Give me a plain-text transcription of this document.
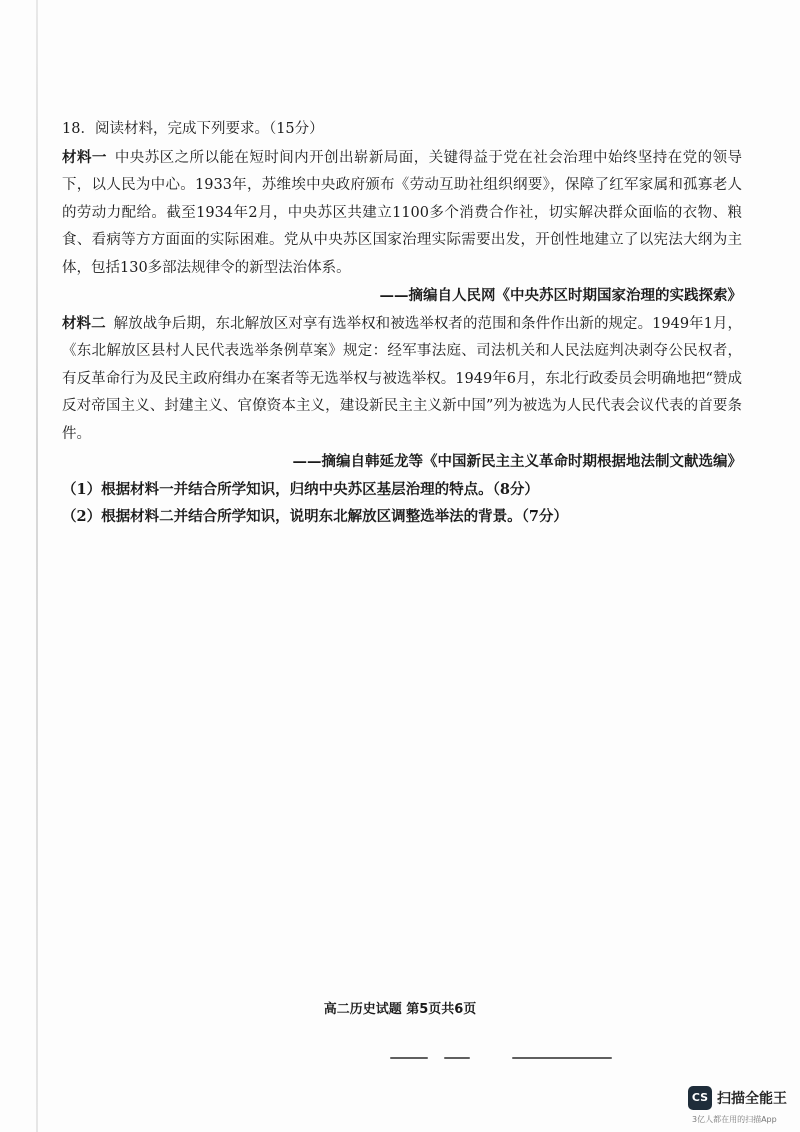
18．阅读材料，完成下列要求。（15分）

材料一 中央苏区之所以能在短时间内开创出崭新局面，关键得益于党在社会治理中始终坚持在党的领导下，以人民为中心。1933年，苏维埃中央政府颁布《劳动互助社组织纲要》，保障了红军家属和孤寡老人的劳动力配给。截至1934年2月，中央苏区共建立1100多个消费合作社，切实解决群众面临的衣物、粮食、看病等方方面面的实际困难。党从中央苏区国家治理实际需要出发，开创性地建立了以宪法大纲为主体，包括130多部法规律令的新型法治体系。

——摘编自人民网《中央苏区时期国家治理的实践探索》

材料二 解放战争后期，东北解放区对享有选举权和被选举权者的范围和条件作出新的规定。1949年1月，《东北解放区县村人民代表选举条例草案》规定：经军事法庭、司法机关和人民法庭判决剥夺公民权者，有反革命行为及民主政府缉办在案者等无选举权与被选举权。1949年6月，东北行政委员会明确地把“赞成反对帝国主义、封建主义、官僚资本主义，建设新民主主义新中国”列为被选为人民代表会议代表的首要条件。

——摘编自韩延龙等《中国新民主主义革命时期根据地法制文献选编》

（1）根据材料一并结合所学知识，归纳中央苏区基层治理的特点。（8分）

（2）根据材料二并结合所学知识，说明东北解放区调整选举法的背景。（7分）

高二历史试题 第5页共6页
CS 扫描全能王
3亿人都在用的扫描App
